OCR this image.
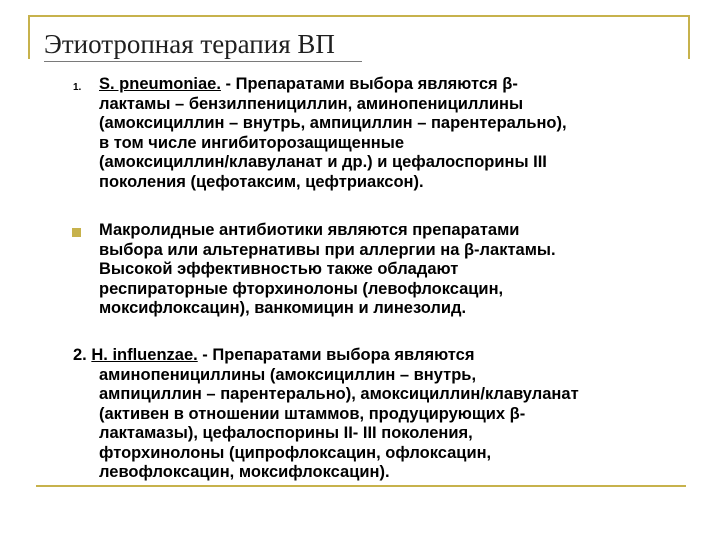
Этиотропная терапия ВП
1. S. pneumoniae. - Препаратами выбора являются β-
лактамы – бензилпенициллин, аминопенициллины
(амоксициллин – внутрь, ампициллин – парентерально),
в том числе ингибиторозащищенные
(амоксициллин/клавуланат и др.) и цефалоспорины III
поколения (цефотаксим, цефтриаксон).
Макролидные антибиотики являются препаратами
выбора или альтернативы при аллергии на β-лактамы.
Высокой эффективностью также обладают
респираторные фторхинолоны (левофлоксацин,
моксифлоксацин), ванкомицин и линезолид.
2. H. influenzae. - Препаратами выбора являются
аминопенициллины (амоксициллин – внутрь,
ампициллин – парентерально), амоксициллин/клавуланат
(активен в отношении штаммов, продуцирующих β-
лактамазы), цефалоспорины II- III поколения,
фторхинолоны (ципрофлоксацин, офлоксацин,
левофлоксацин, моксифлоксацин).
